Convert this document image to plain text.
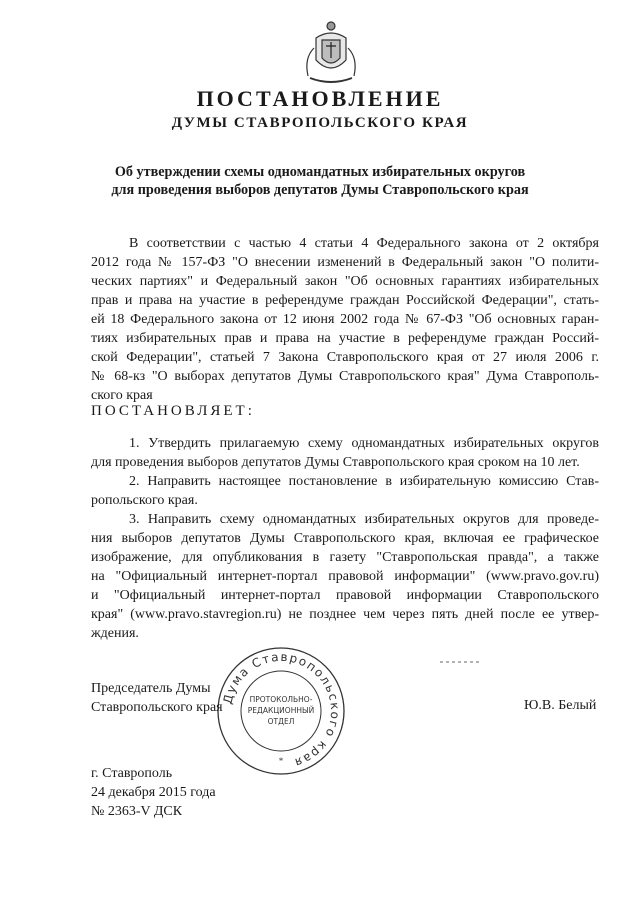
ПОСТАНОВЛЕНИЕ
ДУМЫ СТАВРОПОЛЬСКОГО КРАЯ
Об утверждении схемы одномандатных избирательных округов
для проведения выборов депутатов Думы Ставропольского края
В соответствии с частью 4 статьи 4 Федерального закона от 2 октября
2012 года № 157-ФЗ "О внесении изменений в Федеральный закон "О полити-
ческих партиях" и Федеральный закон "Об основных гарантиях избирательных
прав и права на участие в референдуме граждан Российской Федерации", стать-
ей 18 Федерального закона от 12 июня 2002 года № 67-ФЗ "Об основных гаран-
тиях избирательных прав и права на участие в референдуме граждан Россий-
ской Федерации", статьей 7 Закона Ставропольского края от 27 июля 2006 г.
№ 68-кз "О выборах депутатов Думы Ставропольского края" Дума Ставрополь-
ского края
ПОСТАНОВЛЯЕТ:
1. Утвердить прилагаемую схему одномандатных избирательных округов
для проведения выборов депутатов Думы Ставропольского края сроком на 10 лет.
2. Направить настоящее постановление в избирательную комиссию Став-
ропольского края.
3. Направить схему одномандатных избирательных округов для проведе-
ния выборов депутатов Думы Ставропольского края, включая ее графическое
изображение, для опубликования в газету "Ставропольская правда", а также
на "Официальный интернет-портал правовой информации" (www.pravo.gov.ru)
и "Официальный интернет-портал правовой информации Ставропольского
края" (www.pravo.stavregion.ru) не позднее чем через пять дней после ее утвер-
ждения.
Дума Ставропольского края
ПРОТОКОЛЬНО-
РЕДАКЦИОННЫЙ
ОТДЕЛ
*
Председатель Думы
Ставропольского края	Ю.В. Белый
г. Ставрополь
24 декабря 2015 года
№ 2363-V ДСК
